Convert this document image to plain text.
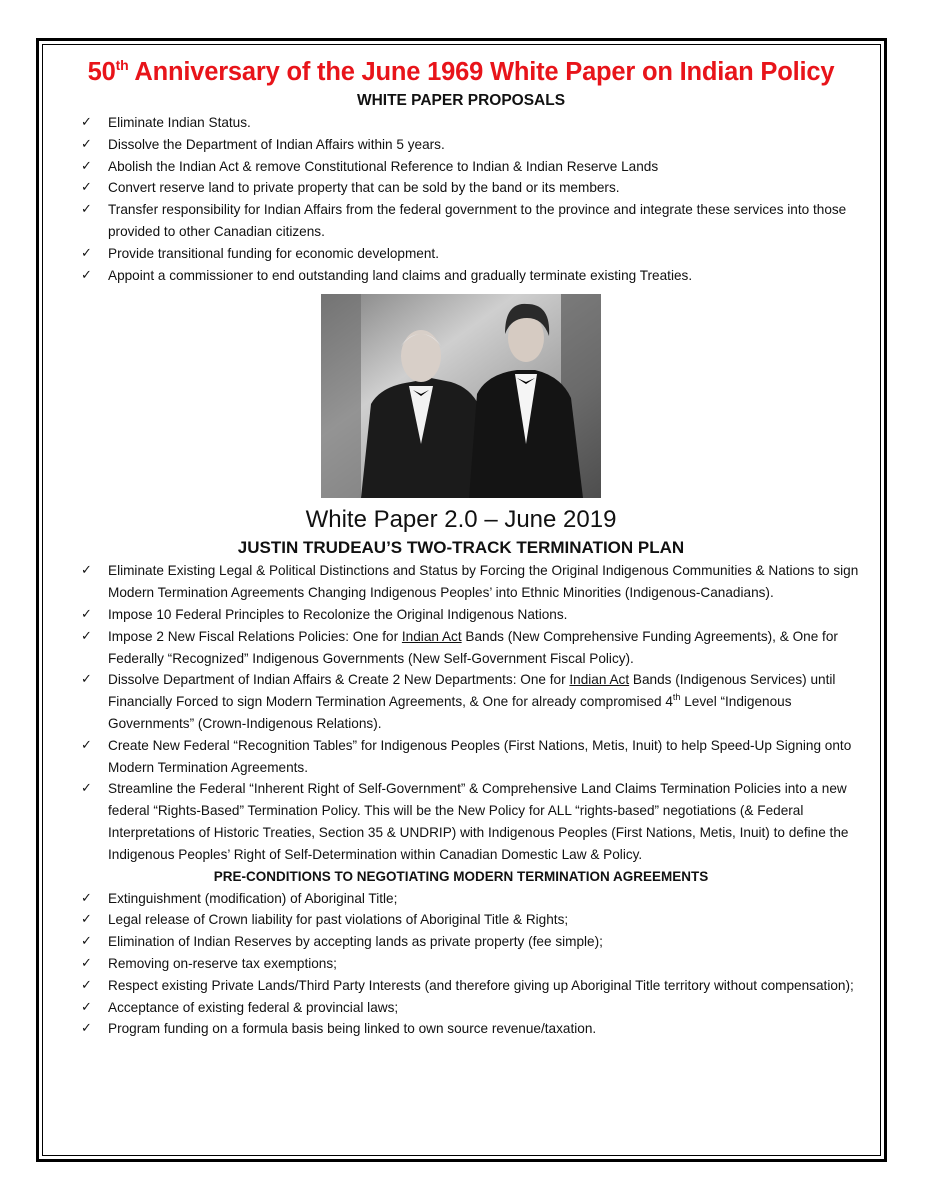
50th Anniversary of the June 1969 White Paper on Indian Policy
WHITE PAPER PROPOSALS
✓ Eliminate Indian Status.
✓ Dissolve the Department of Indian Affairs within 5 years.
✓ Abolish the Indian Act & remove Constitutional Reference to Indian & Indian Reserve Lands
✓ Convert reserve land to private property that can be sold by the band or its members.
✓ Transfer responsibility for Indian Affairs from the federal government to the province and integrate these services into those provided to other Canadian citizens.
✓ Provide transitional funding for economic development.
✓ Appoint a commissioner to end outstanding land claims and gradually terminate existing Treaties.
White Paper 2.0 – June 2019
JUSTIN TRUDEAU’S TWO-TRACK TERMINATION PLAN
✓ Eliminate Existing Legal & Political Distinctions and Status by Forcing the Original Indigenous Communities & Nations to sign Modern Termination Agreements Changing Indigenous Peoples’ into Ethnic Minorities (Indigenous-Canadians).
✓ Impose 10 Federal Principles to Recolonize the Original Indigenous Nations.
✓ Impose 2 New Fiscal Relations Policies: One for Indian Act Bands (New Comprehensive Funding Agreements), & One for Federally “Recognized” Indigenous Governments (New Self-Government Fiscal Policy).
✓ Dissolve Department of Indian Affairs & Create 2 New Departments: One for Indian Act Bands (Indigenous Services) until Financially Forced to sign Modern Termination Agreements, & One for already compromised 4th Level “Indigenous Governments” (Crown-Indigenous Relations).
✓ Create New Federal “Recognition Tables” for Indigenous Peoples (First Nations, Metis, Inuit) to help Speed-Up Signing onto Modern Termination Agreements.
✓ Streamline the Federal “Inherent Right of Self-Government” & Comprehensive Land Claims Termination Policies into a new federal “Rights-Based” Termination Policy. This will be the New Policy for ALL “rights-based” negotiations (& Federal Interpretations of Historic Treaties, Section 35 & UNDRIP) with Indigenous Peoples (First Nations, Metis, Inuit) to define the Indigenous Peoples’ Right of Self-Determination within Canadian Domestic Law & Policy.
PRE-CONDITIONS TO NEGOTIATING MODERN TERMINATION AGREEMENTS
✓ Extinguishment (modification) of Aboriginal Title;
✓ Legal release of Crown liability for past violations of Aboriginal Title & Rights;
✓ Elimination of Indian Reserves by accepting lands as private property (fee simple);
✓ Removing on-reserve tax exemptions;
✓ Respect existing Private Lands/Third Party Interests (and therefore giving up Aboriginal Title territory without compensation);
✓ Acceptance of existing federal & provincial laws;
✓ Program funding on a formula basis being linked to own source revenue/taxation.
